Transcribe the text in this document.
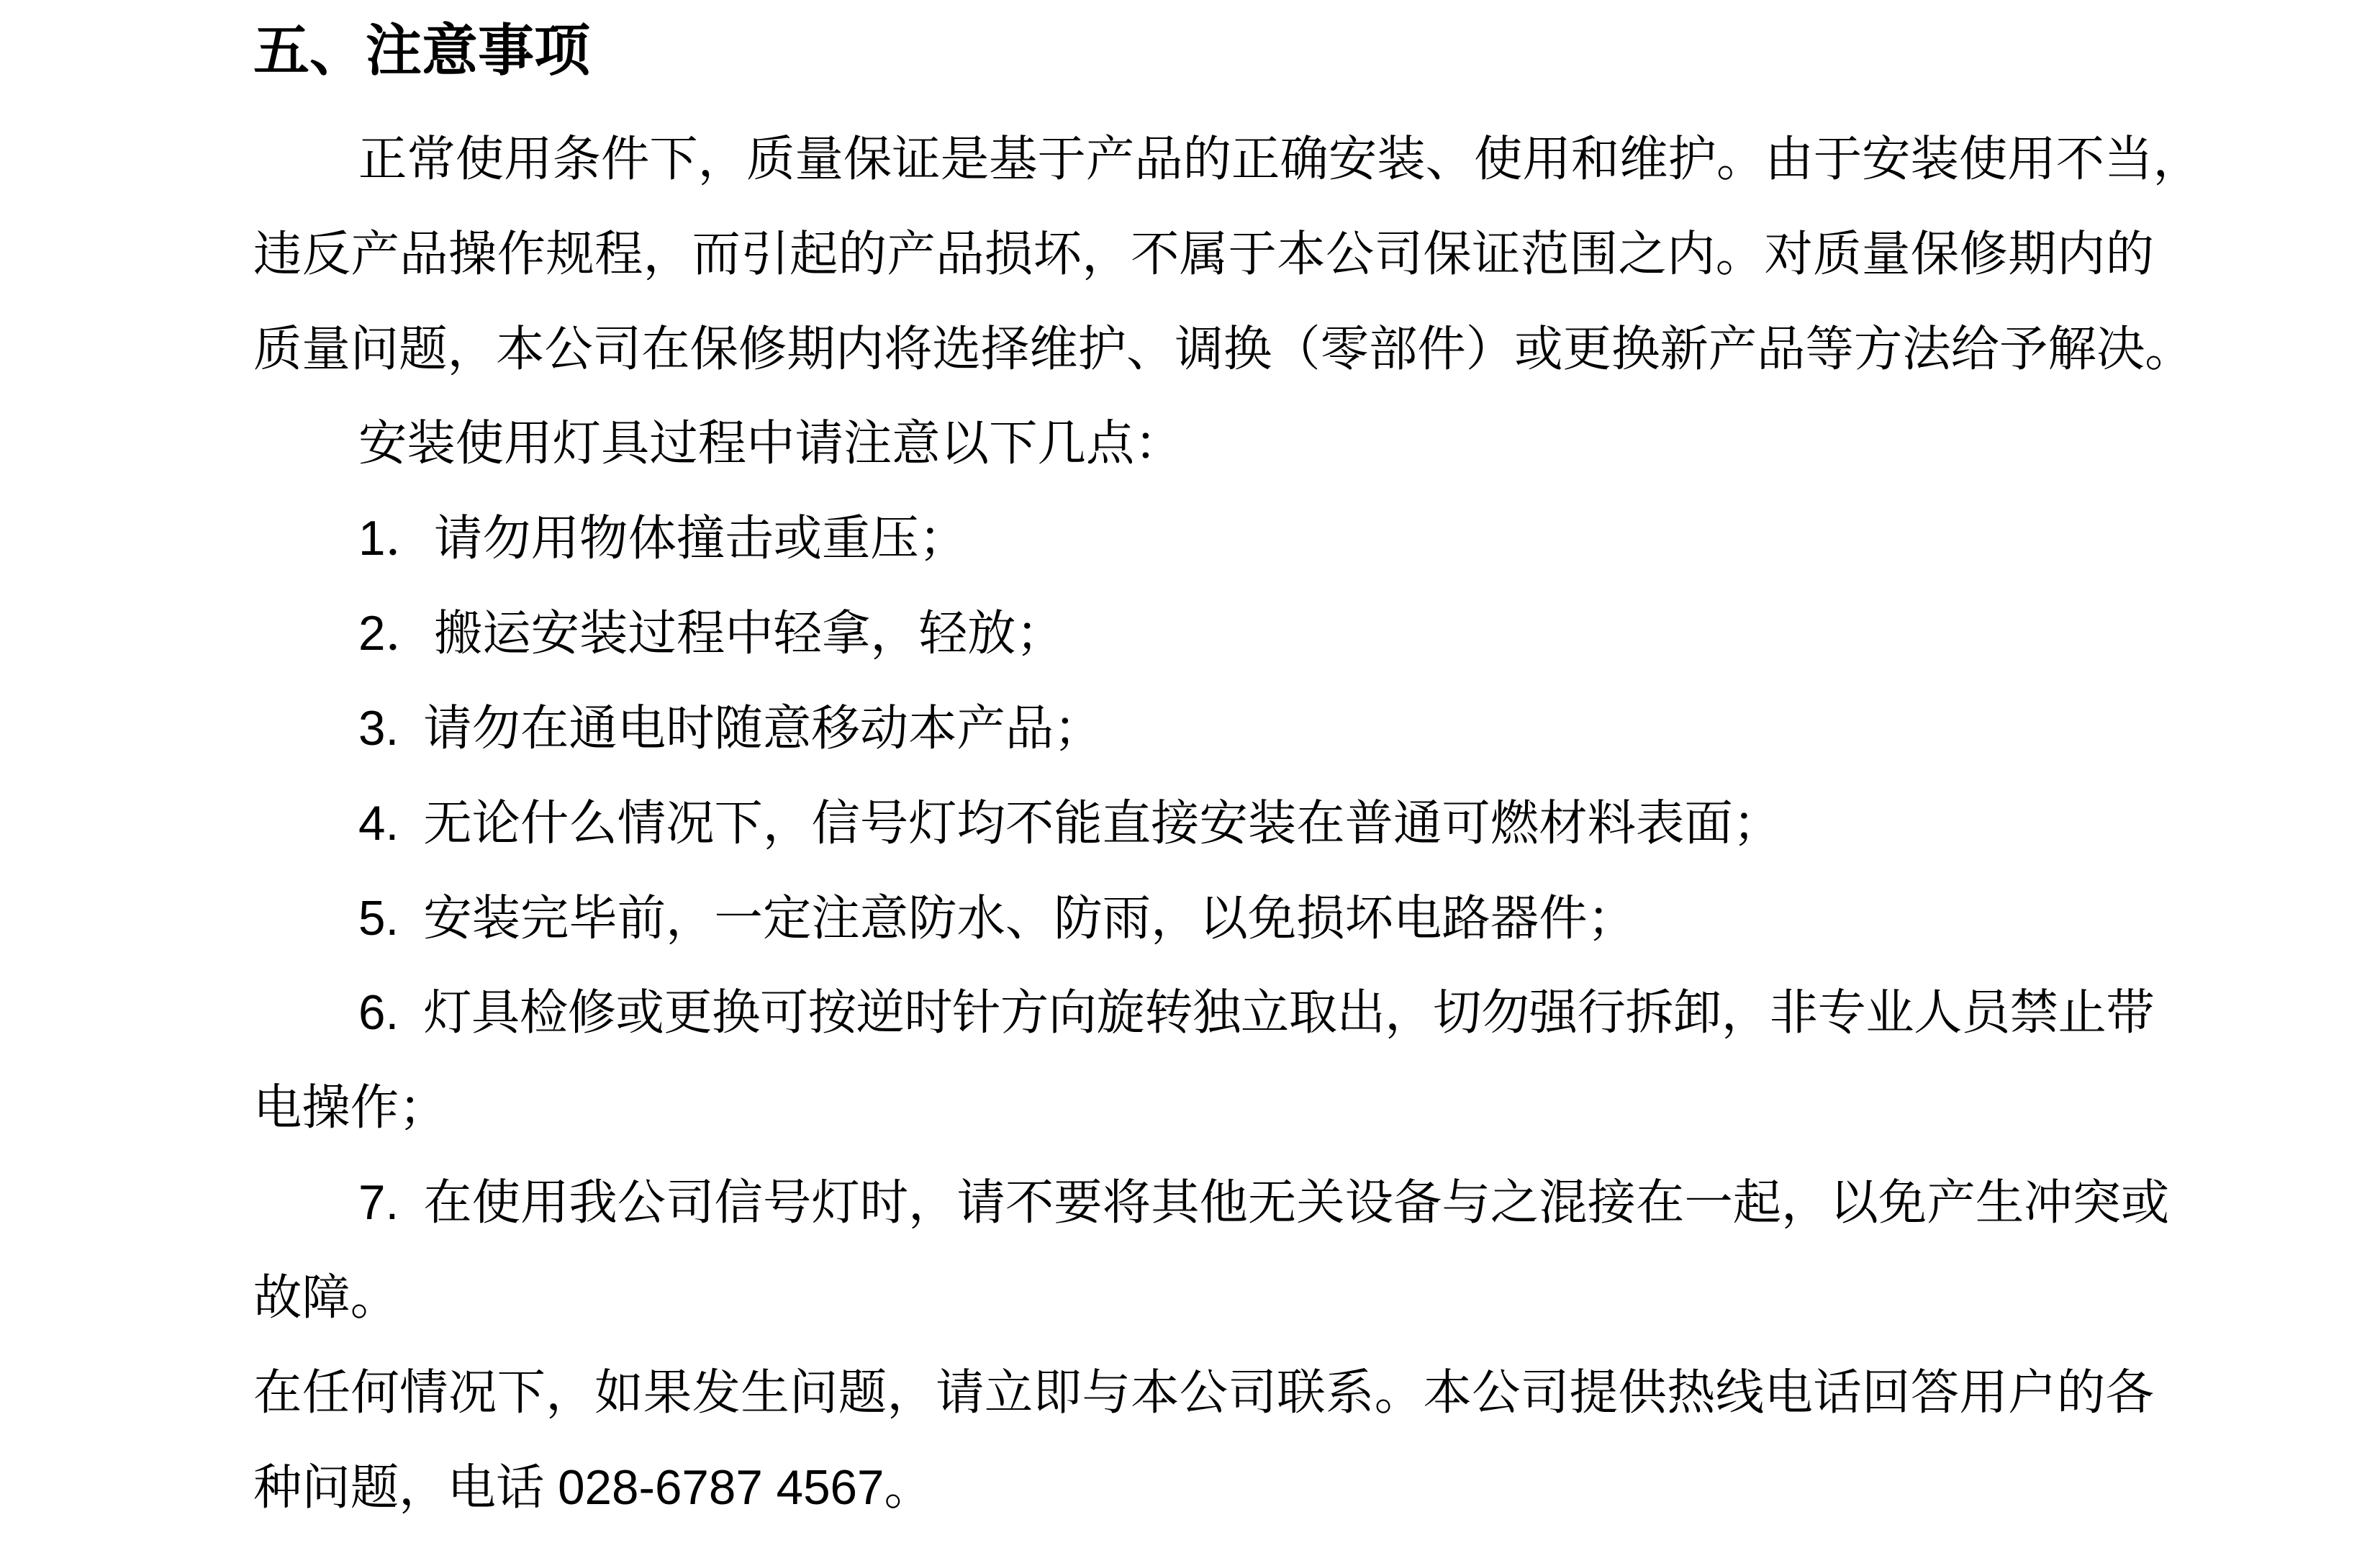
五、注意事项
正常使用条件下，质量保证是基于产品的正确安装、使用和维护。由于安装使用不当，
违反产品操作规程，而引起的产品损坏，不属于本公司保证范围之内。对质量保修期内的
质量问题，本公司在保修期内将选择维护、调换（零部件）或更换新产品等方法给予解决。
安装使用灯具过程中请注意以下几点：
1．请勿用物体撞击或重压；
2．搬运安装过程中轻拿，轻放；
3. 请勿在通电时随意移动本产品；
4. 无论什么情况下，信号灯均不能直接安装在普通可燃材料表面；
5. 安装完毕前，一定注意防水、防雨，以免损坏电路器件；
6. 灯具检修或更换可按逆时针方向旋转独立取出，切勿强行拆卸，非专业人员禁止带
电操作；
7. 在使用我公司信号灯时，请不要将其他无关设备与之混接在一起，以免产生冲突或
故障。
在任何情况下，如果发生问题，请立即与本公司联系。本公司提供热线电话回答用户的各
种问题，电话 028-6787 4567。
